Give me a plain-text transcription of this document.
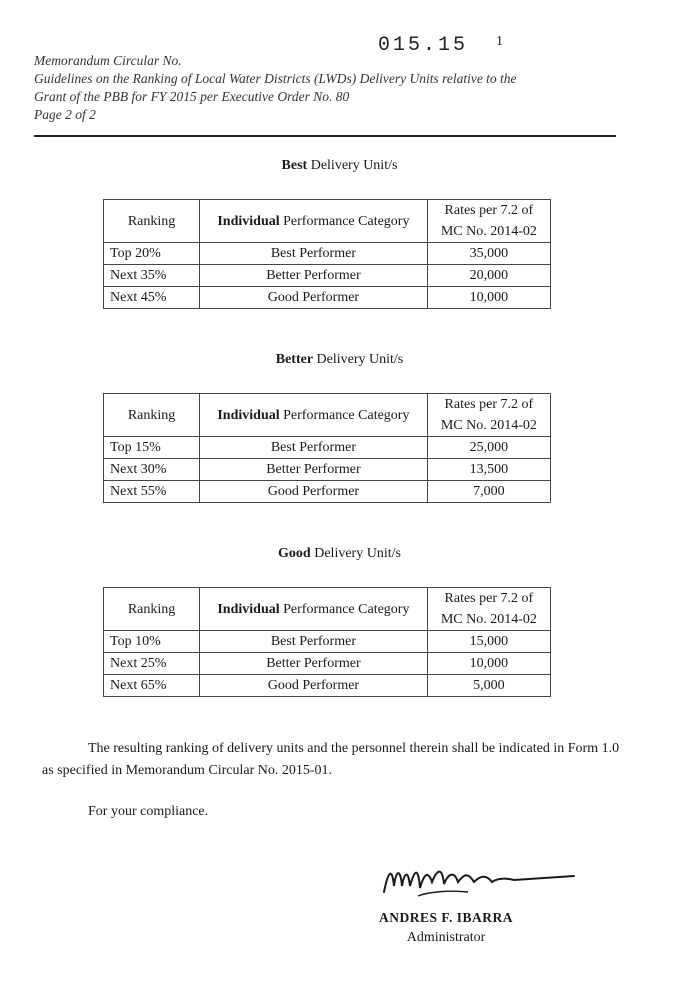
015.15 1
Memorandum Circular No.
Guidelines on the Ranking of Local Water Districts (LWDs) Delivery Units relative to the
Grant of the PBB for FY 2015 per Executive Order No. 80
Page 2 of 2
Best Delivery Unit/s
Ranking	Individual Performance Category	Rates per 7.2 of MC No. 2014-02
Top 20%	Best Performer	35,000
Next 35%	Better Performer	20,000
Next 45%	Good Performer	10,000
Better Delivery Unit/s
Ranking	Individual Performance Category	Rates per 7.2 of MC No. 2014-02
Top 15%	Best Performer	25,000
Next 30%	Better Performer	13,500
Next 55%	Good Performer	7,000
Good Delivery Unit/s
Ranking	Individual Performance Category	Rates per 7.2 of MC No. 2014-02
Top 10%	Best Performer	15,000
Next 25%	Better Performer	10,000
Next 65%	Good Performer	5,000
The resulting ranking of delivery units and the personnel therein shall be indicated in Form 1.0 as specified in Memorandum Circular No. 2015-01.
For your compliance.
ANDRES F. IBARRA
Administrator
